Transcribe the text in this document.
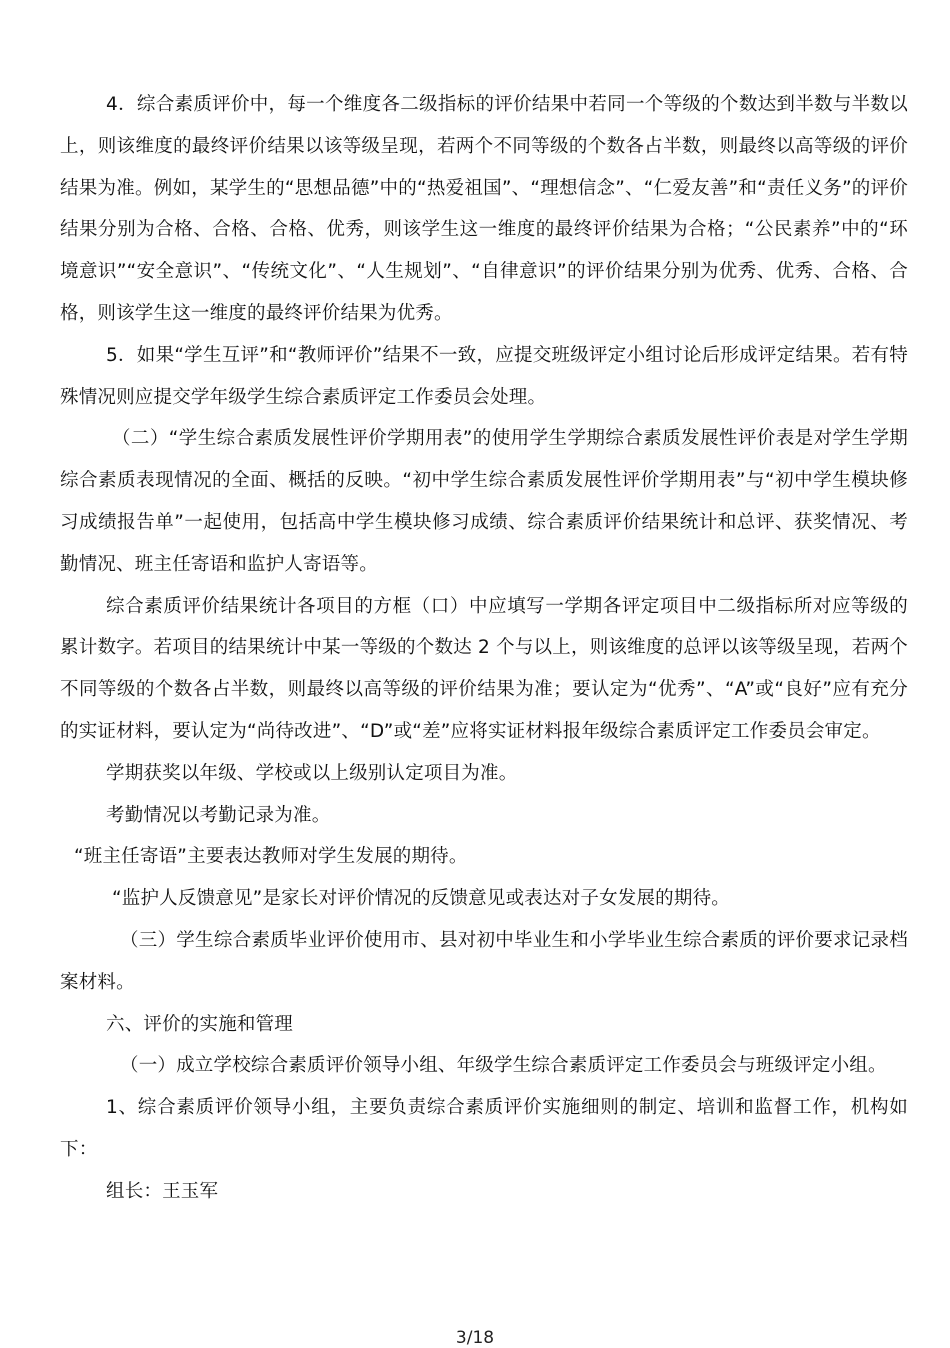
4．综合素质评价中，每一个维度各二级指标的评价结果中若同一个等级的个数达到半数与半数以上，则该维度的最终评价结果以该等级呈现，若两个不同等级的个数各占半数，则最终以高等级的评价结果为准。例如，某学生的“思想品德”中的“热爱祖国”、“理想信念”、“仁爱友善”和“责任义务”的评价结果分别为合格、合格、合格、优秀，则该学生这一维度的最终评价结果为合格；“公民素养”中的“环境意识”“安全意识”、“传统文化”、“人生规划”、“自律意识”的评价结果分别为优秀、优秀、合格、合格，则该学生这一维度的最终评价结果为优秀。

5．如果“学生互评”和“教师评价”结果不一致，应提交班级评定小组讨论后形成评定结果。若有特殊情况则应提交学年级学生综合素质评定工作委员会处理。

（二）“学生综合素质发展性评价学期用表”的使用学生学期综合素质发展性评价表是对学生学期综合素质表现情况的全面、概括的反映。“初中学生综合素质发展性评价学期用表”与“初中学生模块修习成绩报告单”一起使用，包括高中学生模块修习成绩、综合素质评价结果统计和总评、获奖情况、考勤情况、班主任寄语和监护人寄语等。

综合素质评价结果统计各项目的方框（口）中应填写一学期各评定项目中二级指标所对应等级的累计数字。若项目的结果统计中某一等级的个数达 2 个与以上，则该维度的总评以该等级呈现，若两个不同等级的个数各占半数，则最终以高等级的评价结果为准；要认定为“优秀”、“A”或“良好”应有充分的实证材料，要认定为“尚待改进”、“D”或“差”应将实证材料报年级综合素质评定工作委员会审定。

学期获奖以年级、学校或以上级别认定项目为准。

考勤情况以考勤记录为准。

“班主任寄语”主要表达教师对学生发展的期待。

“监护人反馈意见”是家长对评价情况的反馈意见或表达对子女发展的期待。

（三）学生综合素质毕业评价使用市、县对初中毕业生和小学毕业生综合素质的评价要求记录档案材料。

六、评价的实施和管理

（一）成立学校综合素质评价领导小组、年级学生综合素质评定工作委员会与班级评定小组。

1、综合素质评价领导小组，主要负责综合素质评价实施细则的制定、培训和监督工作，机构如下：

组长：王玉军

3/18
